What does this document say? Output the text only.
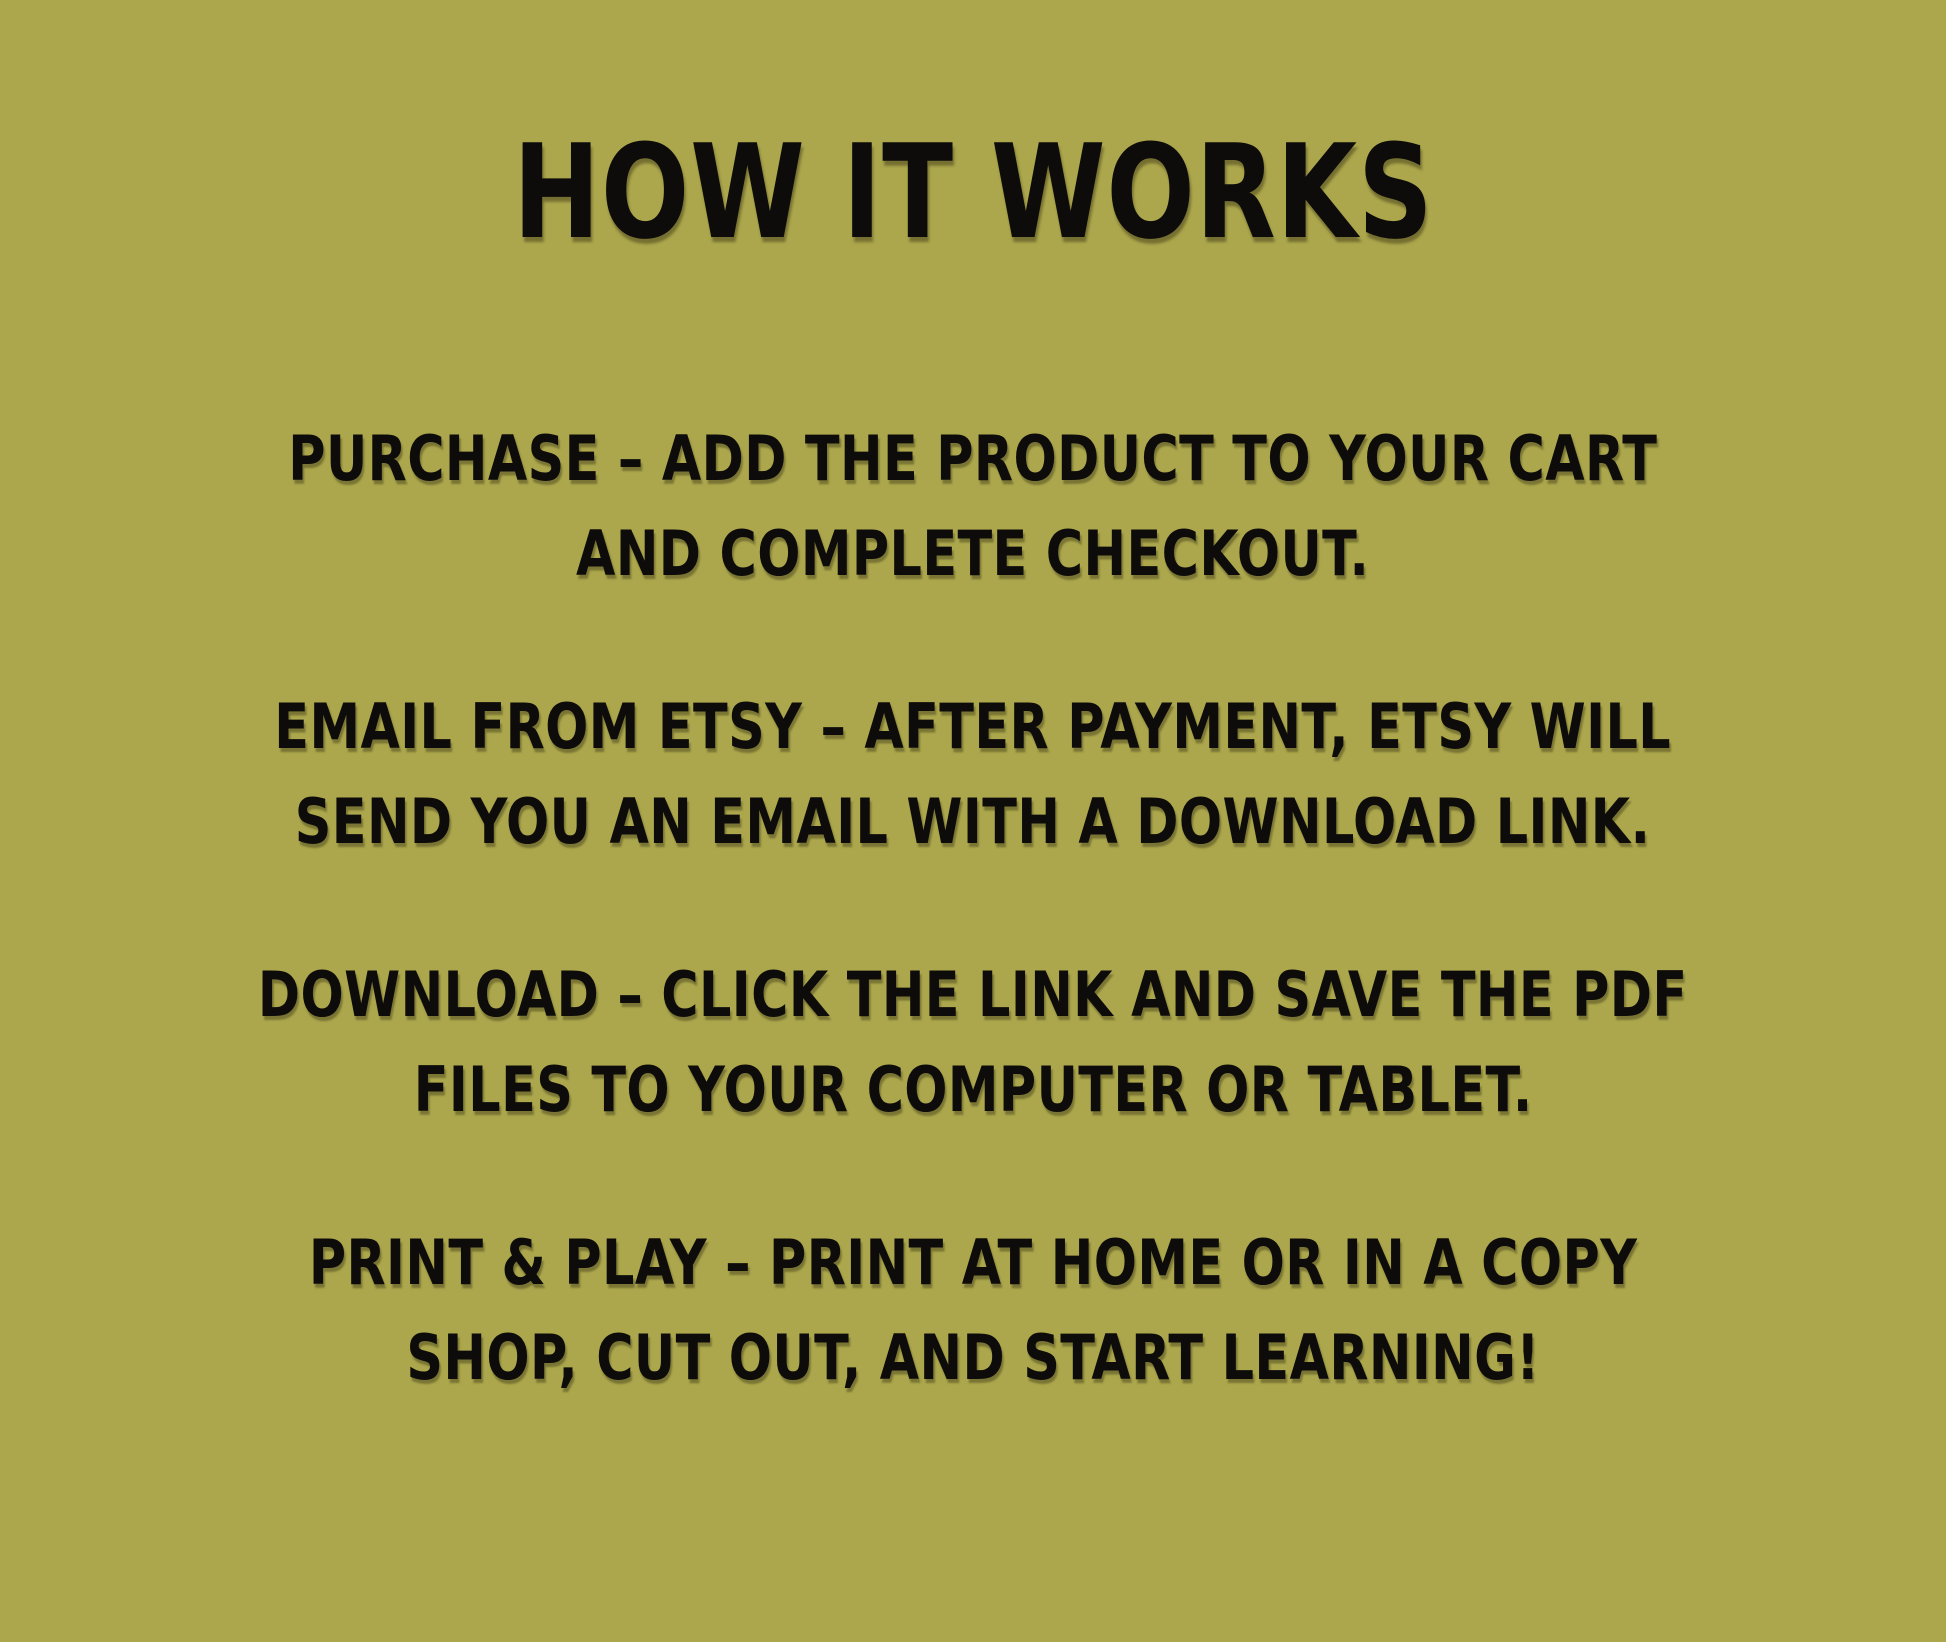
HOW IT WORKS
PURCHASE – ADD THE PRODUCT TO YOUR CART
AND COMPLETE CHECKOUT.
EMAIL FROM ETSY – AFTER PAYMENT, ETSY WILL
SEND YOU AN EMAIL WITH A DOWNLOAD LINK.
DOWNLOAD – CLICK THE LINK AND SAVE THE PDF
FILES TO YOUR COMPUTER OR TABLET.
PRINT & PLAY – PRINT AT HOME OR IN A COPY
SHOP, CUT OUT, AND START LEARNING!
